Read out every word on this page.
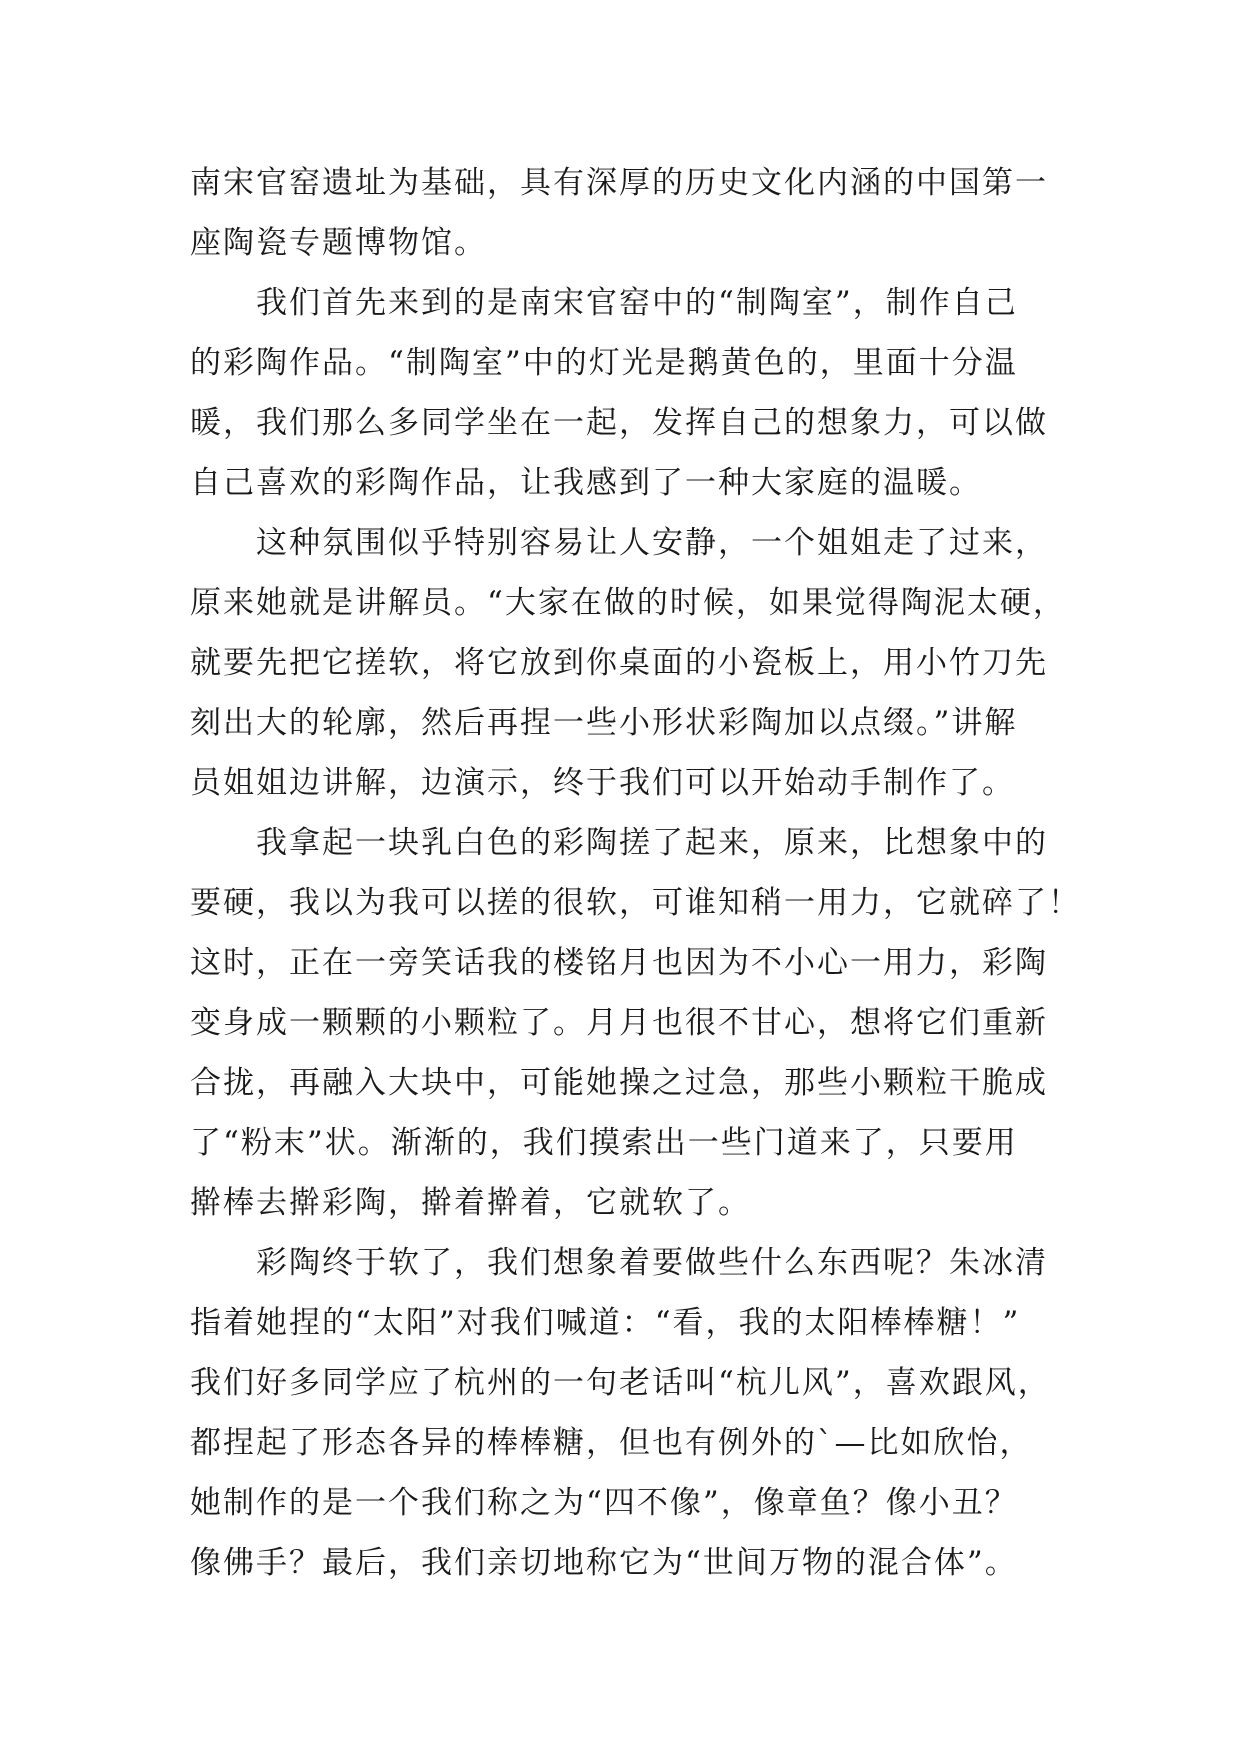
南宋官窑遗址为基础，具有深厚的历史文化内涵的中国第一
座陶瓷专题博物馆。
我们首先来到的是南宋官窑中的“制陶室”，制作自己
的彩陶作品。“制陶室”中的灯光是鹅黄色的，里面十分温
暖，我们那么多同学坐在一起，发挥自己的想象力，可以做
自己喜欢的彩陶作品，让我感到了一种大家庭的温暖。
这种氛围似乎特别容易让人安静，一个姐姐走了过来，
原来她就是讲解员。“大家在做的时候，如果觉得陶泥太硬，
就要先把它搓软，将它放到你桌面的小瓷板上，用小竹刀先
刻出大的轮廓，然后再捏一些小形状彩陶加以点缀。”讲解
员姐姐边讲解，边演示，终于我们可以开始动手制作了。
我拿起一块乳白色的彩陶搓了起来，原来，比想象中的
要硬，我以为我可以搓的很软，可谁知稍一用力，它就碎了！
这时，正在一旁笑话我的楼铭月也因为不小心一用力，彩陶
变身成一颗颗的小颗粒了。月月也很不甘心，想将它们重新
合拢，再融入大块中，可能她操之过急，那些小颗粒干脆成
了“粉末”状。渐渐的，我们摸索出一些门道来了，只要用
擀棒去擀彩陶，擀着擀着，它就软了。
彩陶终于软了，我们想象着要做些什么东西呢？朱冰清
指着她捏的“太阳”对我们喊道：“看，我的太阳棒棒糖！”
我们好多同学应了杭州的一句老话叫“杭儿风”，喜欢跟风，
都捏起了形态各异的棒棒糖，但也有例外的`—比如欣怡，
她制作的是一个我们称之为“四不像”，像章鱼？像小丑？
像佛手？最后，我们亲切地称它为“世间万物的混合体”。
